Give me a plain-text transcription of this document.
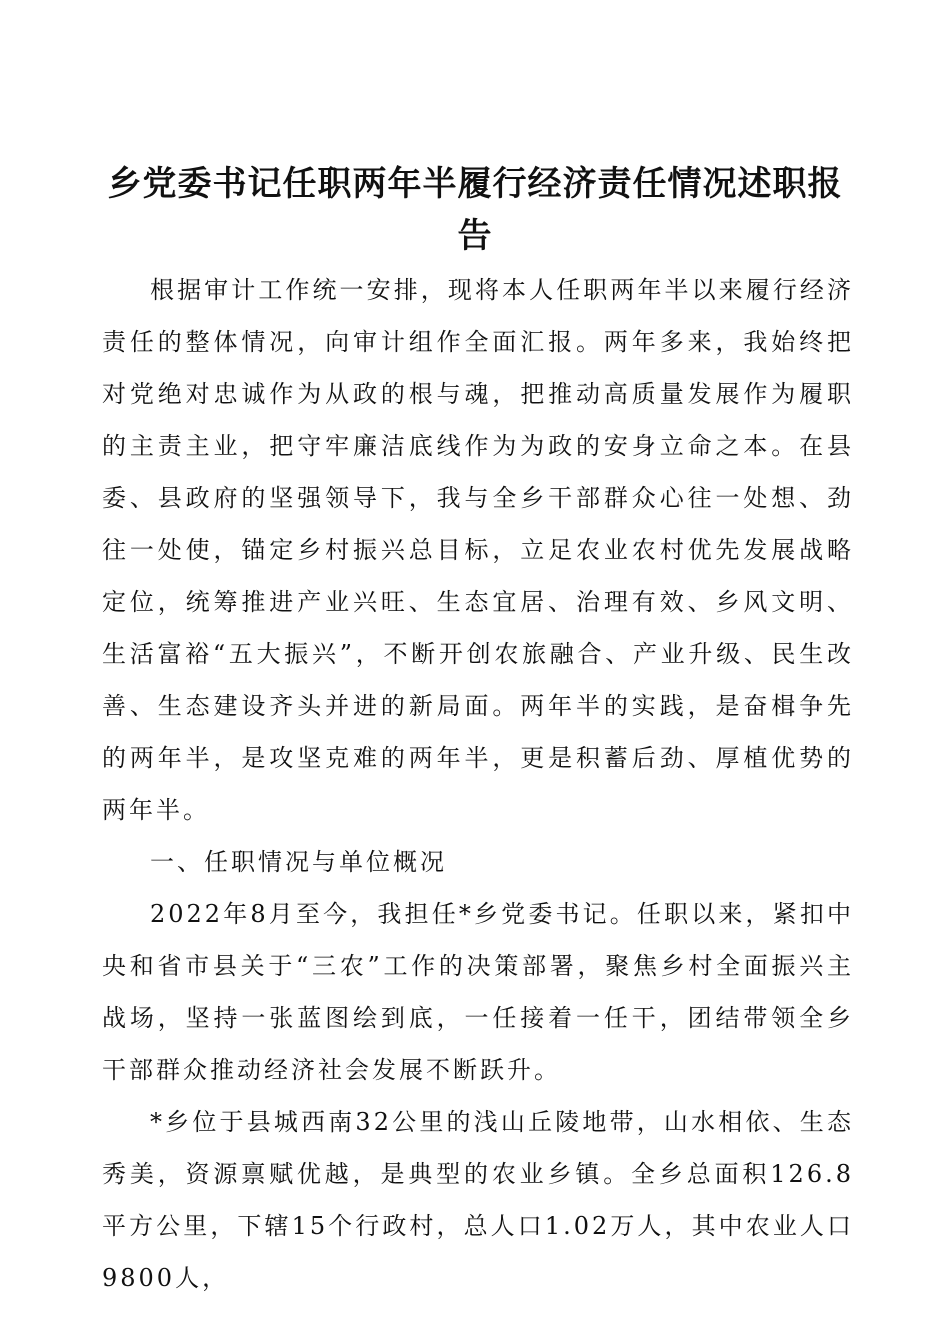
乡党委书记任职两年半履行经济责任情况述职报告

根据审计工作统一安排，现将本人任职两年半以来履行经济责任的整体情况，向审计组作全面汇报。两年多来，我始终把对党绝对忠诚作为从政的根与魂，把推动高质量发展作为履职的主责主业，把守牢廉洁底线作为为政的安身立命之本。在县委、县政府的坚强领导下，我与全乡干部群众心往一处想、劲往一处使，锚定乡村振兴总目标，立足农业农村优先发展战略定位，统筹推进产业兴旺、生态宜居、治理有效、乡风文明、生活富裕“五大振兴”，不断开创农旅融合、产业升级、民生改善、生态建设齐头并进的新局面。两年半的实践，是奋楫争先的两年半，是攻坚克难的两年半，更是积蓄后劲、厚植优势的两年半。

一、任职情况与单位概况

2022年8月至今，我担任*乡党委书记。任职以来，紧扣中央和省市县关于“三农”工作的决策部署，聚焦乡村全面振兴主战场，坚持一张蓝图绘到底，一任接着一任干，团结带领全乡干部群众推动经济社会发展不断跃升。

*乡位于县城西南32公里的浅山丘陵地带，山水相依、生态秀美，资源禀赋优越，是典型的农业乡镇。全乡总面积126.8平方公里，下辖15个行政村，总人口1.02万人，其中农业人口9800人，
